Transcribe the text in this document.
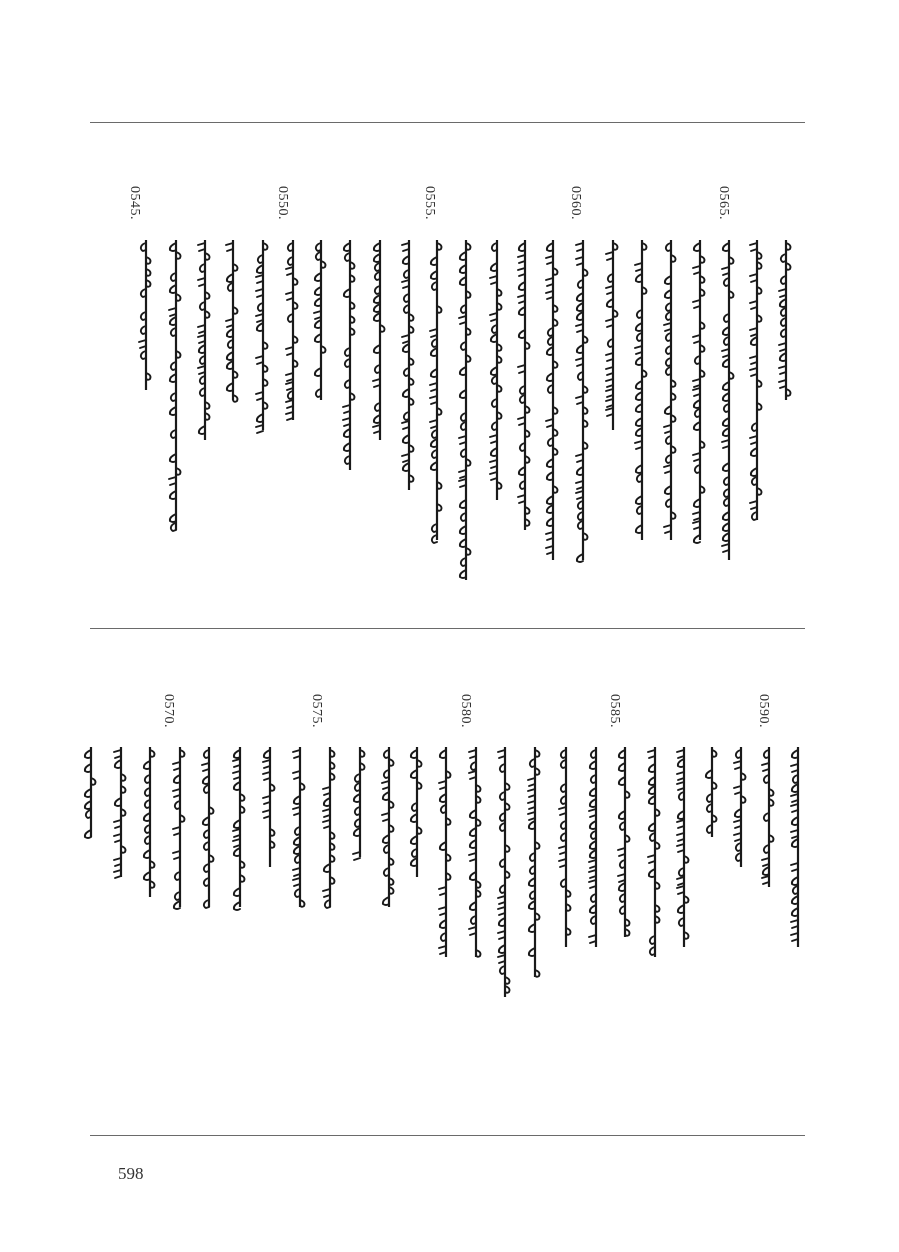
0565.
0560.
0555.
0550.
0545.
0590.
0585.
0580.
0575.
0570.
598
